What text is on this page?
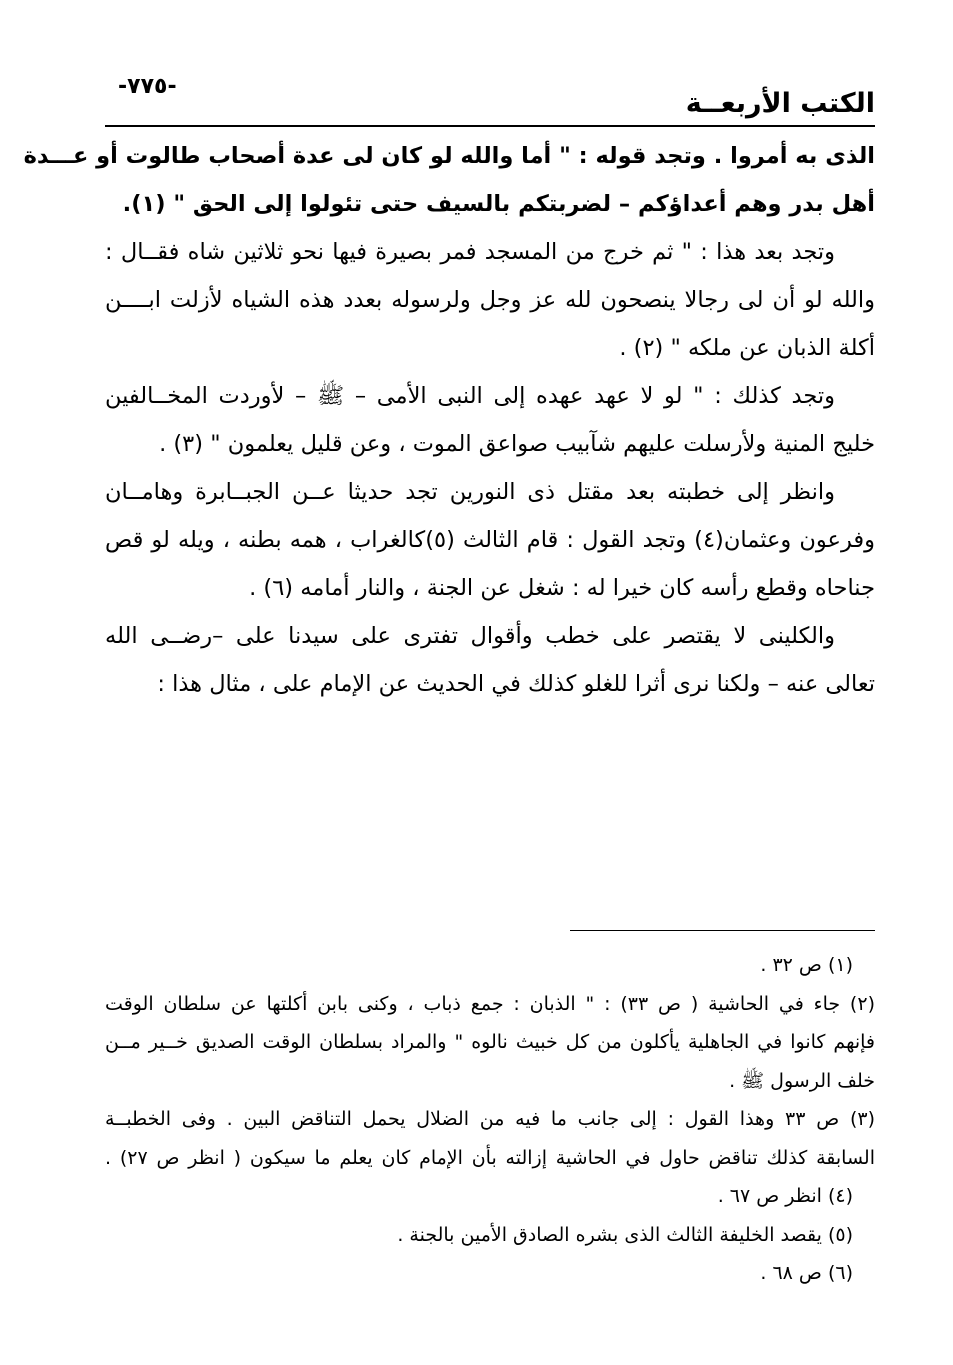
-٧٧٥-
الكتب الأربعــة
الذى به أمروا . وتجد قوله : " أما والله لو كان لى عدة أصحاب طالوت أو عـــدة
أهل بدر وهم أعداؤكم – لضربتكم بالسيف حتى تئولوا إلى الحق " (١).
وتجد بعد هذا : " ثم خرج من المسجد فمر بصيرة فيها نحو ثلاثين شاه فقــال :
والله لو أن لى رجالا ينصحون لله عز وجل ولرسوله بعدد هذه الشياه لأزلت ابــــن
أكلة الذبان عن ملكه " (٢) .
وتجد كذلك : " لو لا عهد عهده إلى النبى الأمى – ﷺ – لأوردت المخــالفين
خليج المنية ولأرسلت عليهم شآبيب صواعق الموت ، وعن قليل يعلمون " (٣) .
وانظر إلى خطبته بعد مقتل ذى النورين تجد حديثا عــن الجبــابرة وهامــان
وفرعون وعثمان(٤) وتجد القول : قام الثالث (٥)كالغراب ، همه بطنه ، ويله لو قص
جناحاه وقطع رأسه كان خيرا له : شغل عن الجنة ، والنار أمامه (٦) .
والكلينى لا يقتصر على خطب وأقوال تفترى على سيدنا على –رضــى الله
تعالى عنه – ولكنا نرى أثرا للغلو كذلك في الحديث عن الإمام على ، مثال هذا :
(١) ص ٣٢ .
(٢) جاء في الحاشية ( ص ٣٣) : " الذبان : جمع ذباب ، وكنى بابن أكلتها عن سلطان الوقت
فإنهم كانوا في الجاهلية يأكلون من كل خبيث نالوه " والمراد بسلطان الوقت الصديق خــير مــن
خلف الرسول ﷺ .
(٣) ص ٣٣ وهذا القول : إلى جانب ما فيه من الضلال يحمل التناقض البين . وفى الخطبــة
السابقة كذلك تناقض حاول في الحاشية إزالته بأن الإمام كان يعلم ما سيكون ( انظر ص ٢٧) .
(٤) انظر ص ٦٧ .
(٥) يقصد الخليفة الثالث الذى بشره الصادق الأمين بالجنة .
(٦) ص ٦٨ .
